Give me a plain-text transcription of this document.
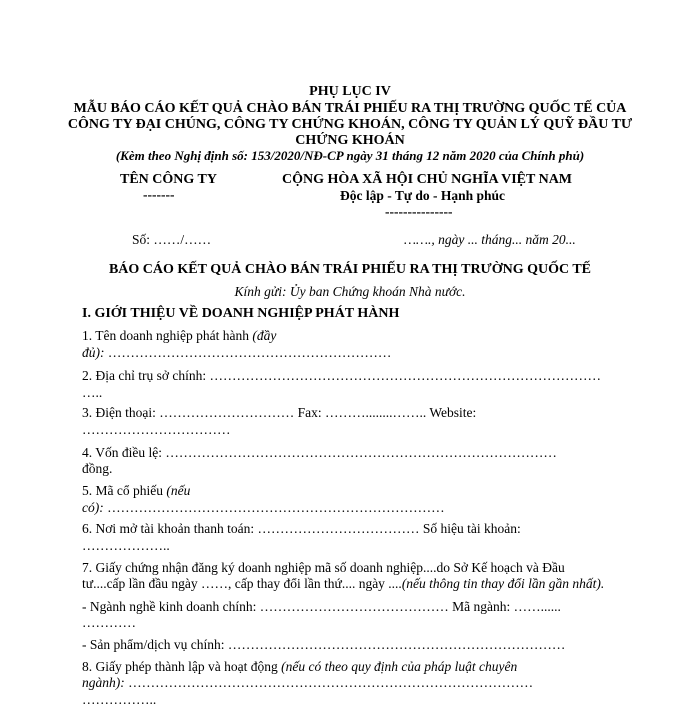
PHỤ LỤC IV
MẪU BÁO CÁO KẾT QUẢ CHÀO BÁN TRÁI PHIẾU RA THỊ TRƯỜNG QUỐC TẾ CỦA
CÔNG TY ĐẠI CHÚNG, CÔNG TY CHỨNG KHOÁN, CÔNG TY QUẢN LÝ QUỸ ĐẦU TƯ
CHỨNG KHOÁN
(Kèm theo Nghị định số: 153/2020/NĐ-CP ngày 31 tháng 12 năm 2020 của Chính phủ)
TÊN CÔNG TY
-------
CỘNG HÒA XÃ HỘI CHỦ NGHĨA VIỆT NAM
Độc lập - Tự do - Hạnh phúc
---------------
Số: ……/……	……., ngày ... tháng... năm 20...
BÁO CÁO KẾT QUẢ CHÀO BÁN TRÁI PHIẾU RA THỊ TRƯỜNG QUỐC TẾ
Kính gửi: Ủy ban Chứng khoán Nhà nước.
I. GIỚI THIỆU VỀ DOANH NGHIỆP PHÁT HÀNH
1. Tên doanh nghiệp phát hành (đầy
đủ): ………………………………………………………
2. Địa chỉ trụ sở chính: ……………………………………………………………………………
…..
3. Điện thoại: ………………………… Fax: ………........…….. Website:
……………………………
4. Vốn điều lệ: ……………………………………………………………………………
đồng.
5. Mã cổ phiếu (nếu
có): …………………………………………………………………
6. Nơi mở tài khoản thanh toán: ……………………………… Số hiệu tài khoản:
………………..
7. Giấy chứng nhận đăng ký doanh nghiệp mã số doanh nghiệp....do Sở Kế hoạch và Đầu
tư....cấp lần đầu ngày ……, cấp thay đổi lần thứ.... ngày ....(nếu thông tin thay đổi lần gần nhất).
- Ngành nghề kinh doanh chính: …………………………………… Mã ngành: ……......
…………
- Sản phẩm/dịch vụ chính: …………………………………………………………………
8. Giấy phép thành lập và hoạt động (nếu có theo quy định của pháp luật chuyên
ngành): ………………………………………………………………………………
……………..
